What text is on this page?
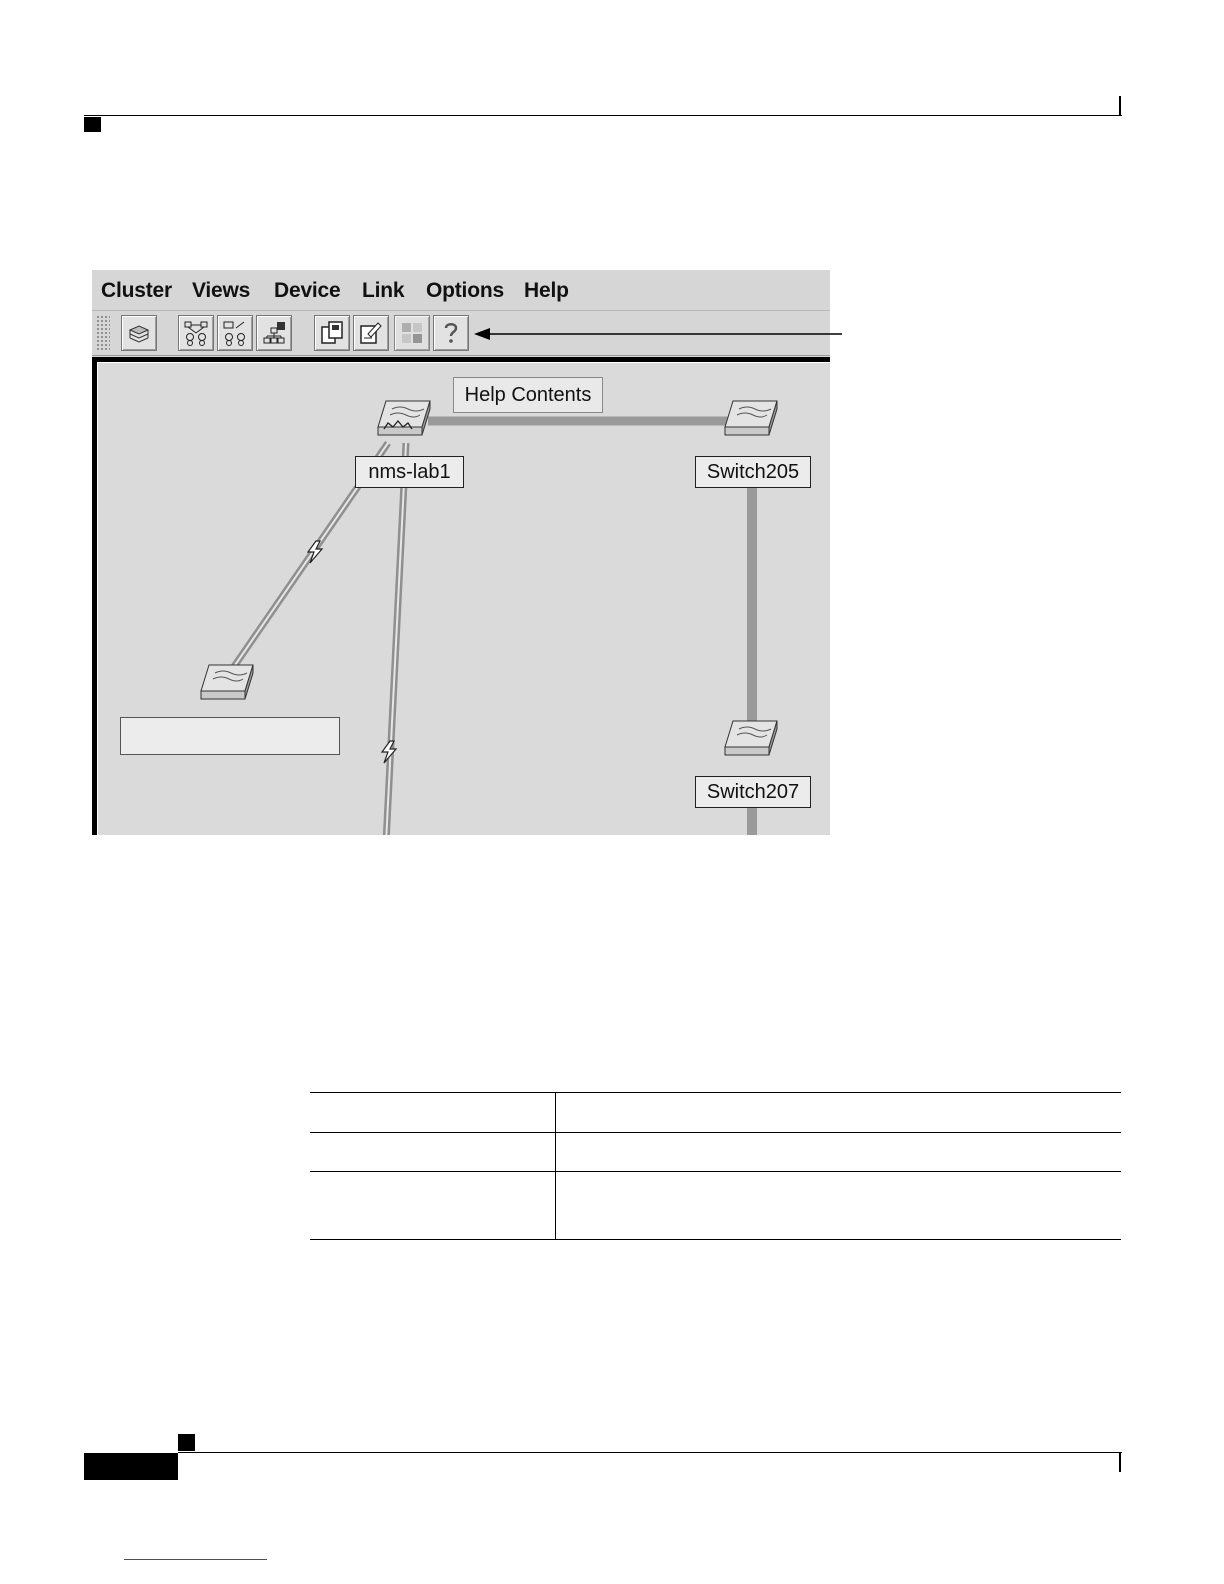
Cluster Views Device Link Options Help
Help Contents
nms-lab1	Switch205
Switch207
